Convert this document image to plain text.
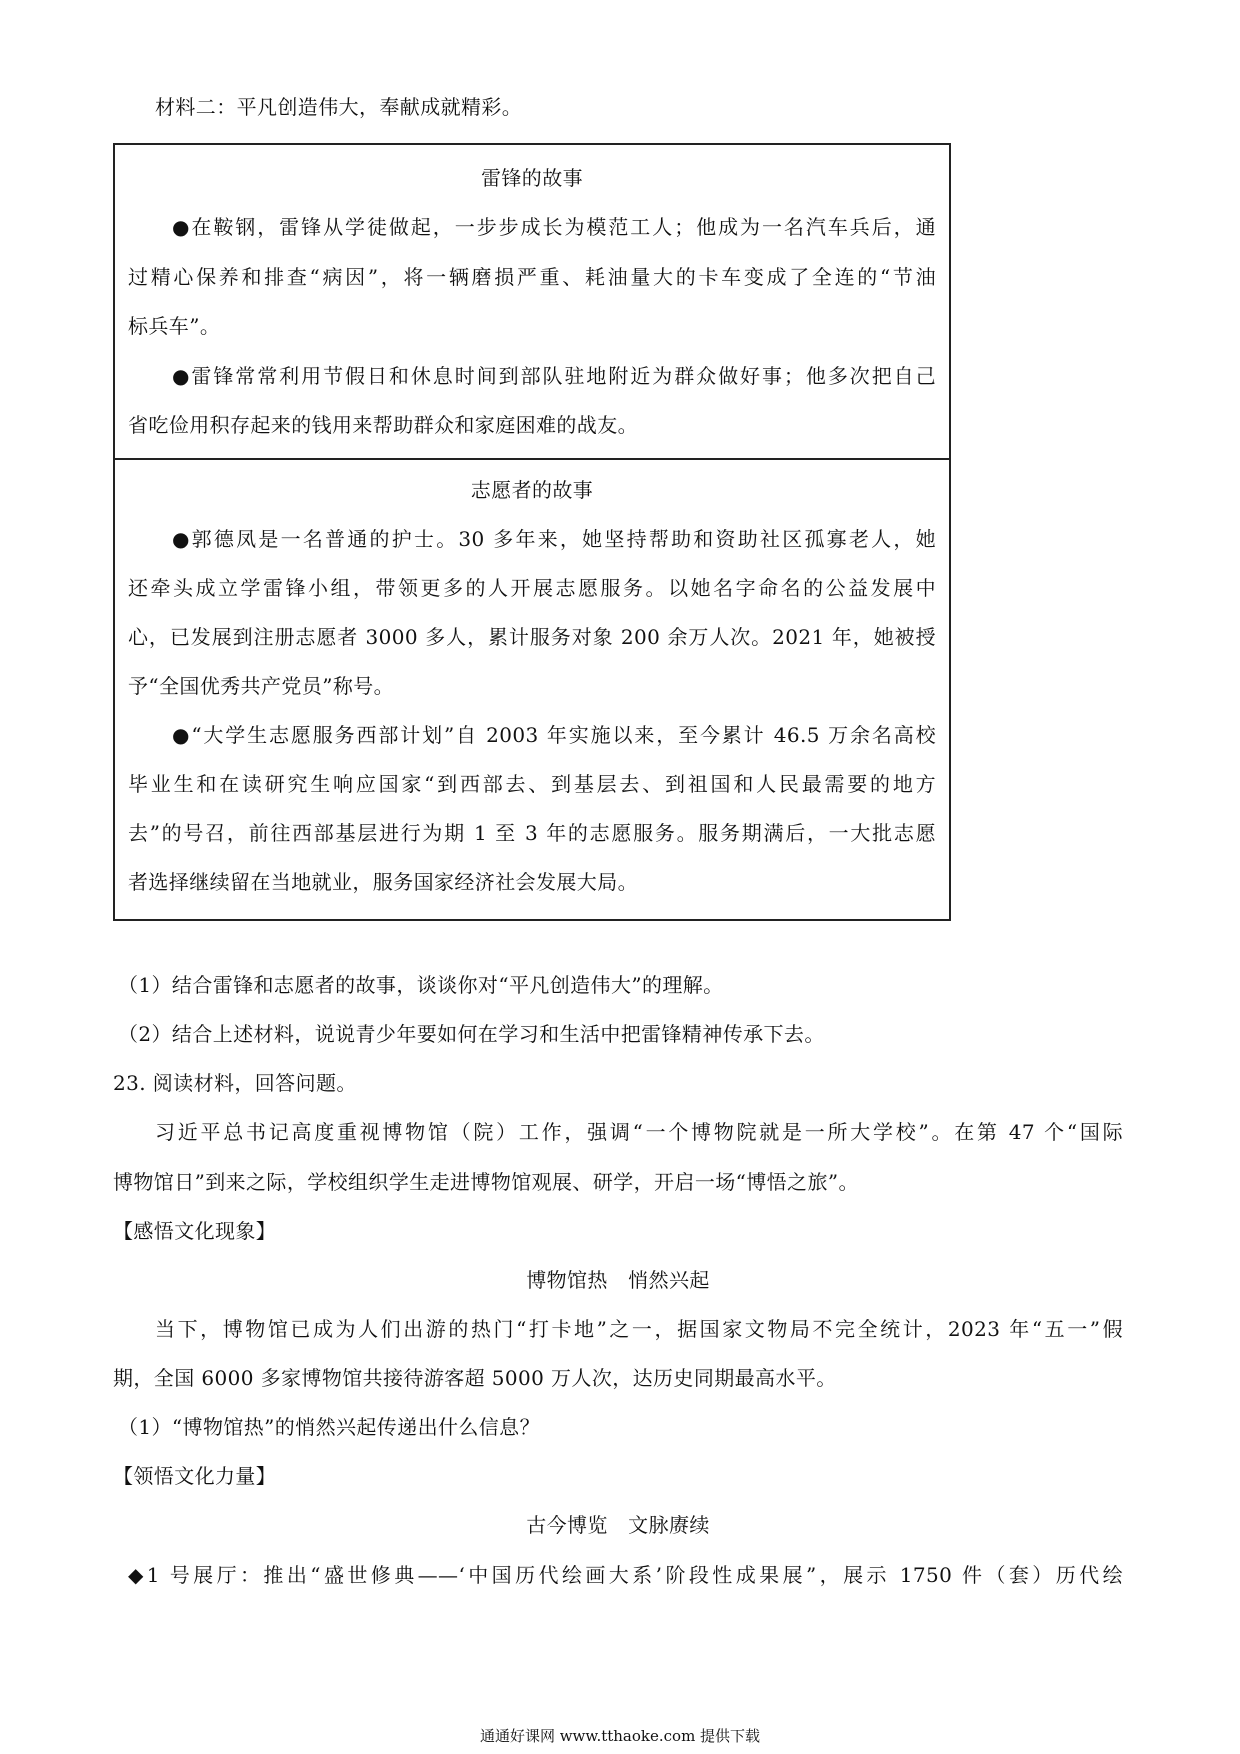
材料二：平凡创造伟大，奉献成就精彩。
雷锋的故事
●在鞍钢，雷锋从学徒做起，一步步成长为模范工人；他成为一名汽车兵后，通
过精心保养和排查“病因”，将一辆磨损严重、耗油量大的卡车变成了全连的“节油
标兵车”。
●雷锋常常利用节假日和休息时间到部队驻地附近为群众做好事；他多次把自己
省吃俭用积存起来的钱用来帮助群众和家庭困难的战友。
志愿者的故事
●郭德凤是一名普通的护士。30 多年来，她坚持帮助和资助社区孤寡老人，她
还牵头成立学雷锋小组，带领更多的人开展志愿服务。以她名字命名的公益发展中
心，已发展到注册志愿者 3000 多人，累计服务对象 200 余万人次。2021 年，她被授
予“全国优秀共产党员”称号。
●“大学生志愿服务西部计划”自 2003 年实施以来，至今累计 46.5 万余名高校
毕业生和在读研究生响应国家“到西部去、到基层去、到祖国和人民最需要的地方
去”的号召，前往西部基层进行为期 1 至 3 年的志愿服务。服务期满后，一大批志愿
者选择继续留在当地就业，服务国家经济社会发展大局。
（1）结合雷锋和志愿者的故事，谈谈你对“平凡创造伟大”的理解。
（2）结合上述材料，说说青少年要如何在学习和生活中把雷锋精神传承下去。
23. 阅读材料，回答问题。
习近平总书记高度重视博物馆（院）工作，强调“一个博物院就是一所大学校”。在第 47 个“国际
博物馆日”到来之际，学校组织学生走进博物馆观展、研学，开启一场“博悟之旅”。
【感悟文化现象】
博物馆热　悄然兴起
当下，博物馆已成为人们出游的热门“打卡地”之一，据国家文物局不完全统计，2023 年“五一”假
期，全国 6000 多家博物馆共接待游客超 5000 万人次，达历史同期最高水平。
（1）“博物馆热”的悄然兴起传递出什么信息？
【领悟文化力量】
古今博览　文脉赓续
◆1 号展厅：推出“盛世修典——‘中国历代绘画大系’阶段性成果展”，展示 1750 件（套）历代绘
通通好课网 www.tthaoke.com 提供下载
